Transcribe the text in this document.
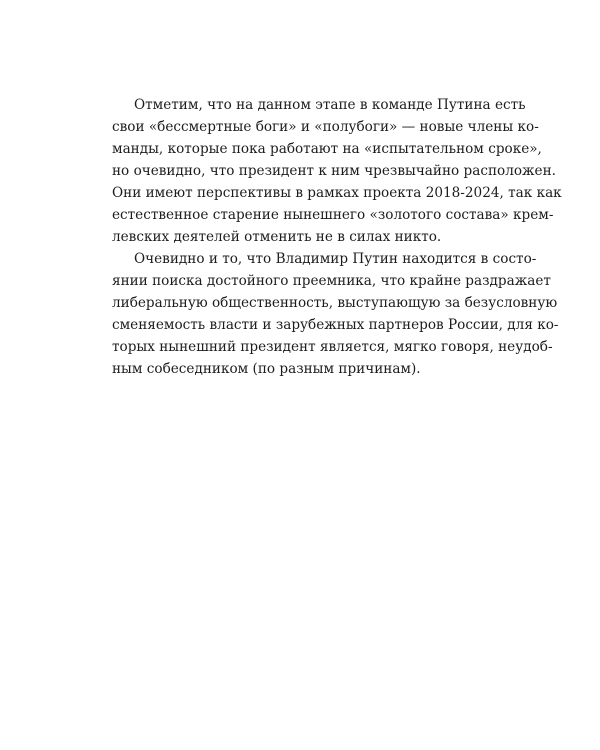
Отметим, что на данном этапе в команде Путина есть
свои «бессмертные боги» и «полубоги» — новые члены ко-
манды, которые пока работают на «испытательном сроке»,
но очевидно, что президент к ним чрезвычайно расположен.
Они имеют перспективы в рамках проекта 2018-2024, так как
естественное старение нынешнего «золотого состава» крем-
левских деятелей отменить не в силах никто.
Очевидно и то, что Владимир Путин находится в состо-
янии поиска достойного преемника, что крайне раздражает
либеральную общественность, выступающую за безусловную
сменяемость власти и зарубежных партнеров России, для ко-
торых нынешний президент является, мягко говоря, неудоб-
ным собеседником (по разным причинам).
